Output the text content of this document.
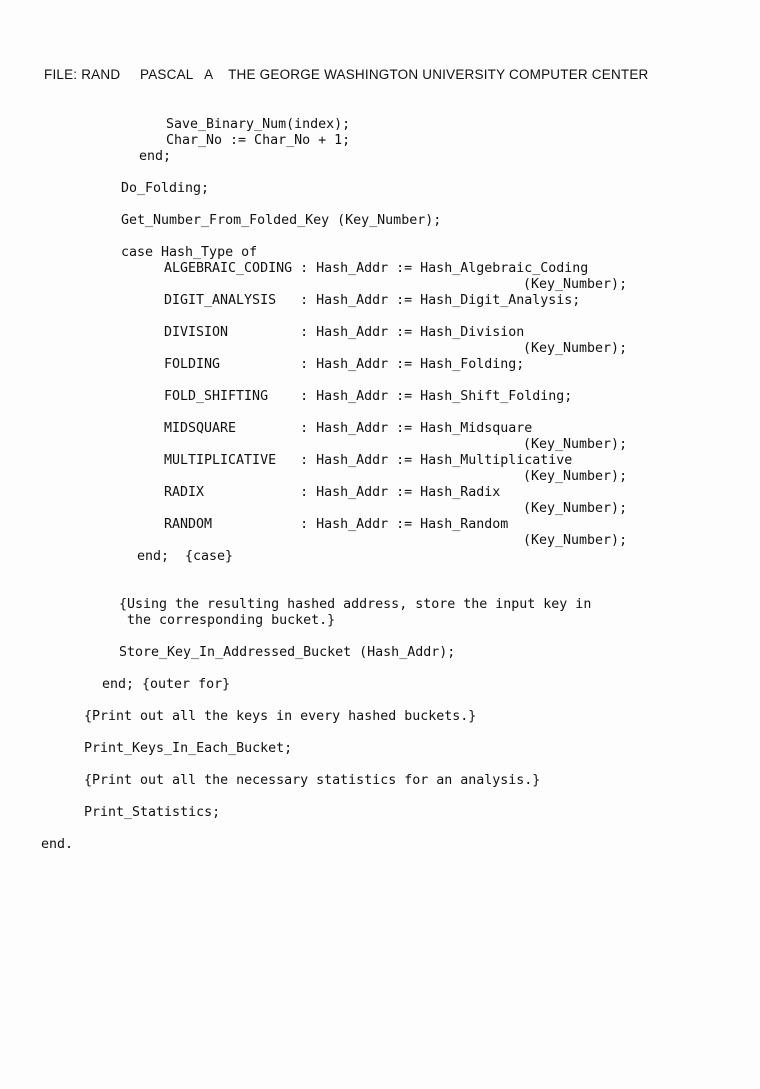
FILE: RAND     PASCAL   A    THE GEORGE WASHINGTON UNIVERSITY COMPUTER CENTER
Save_Binary_Num(index);
Char_No := Char_No + 1;
end;
Do_Folding;
Get_Number_From_Folded_Key (Key_Number);
case Hash_Type of
ALGEBRAIC_CODING : Hash_Addr := Hash_Algebraic_Coding
(Key_Number);
DIGIT_ANALYSIS   : Hash_Addr := Hash_Digit_Analysis;
DIVISION         : Hash_Addr := Hash_Division
(Key_Number);
FOLDING          : Hash_Addr := Hash_Folding;
FOLD_SHIFTING    : Hash_Addr := Hash_Shift_Folding;
MIDSQUARE        : Hash_Addr := Hash_Midsquare
(Key_Number);
MULTIPLICATIVE   : Hash_Addr := Hash_Multiplicative
(Key_Number);
RADIX            : Hash_Addr := Hash_Radix
(Key_Number);
RANDOM           : Hash_Addr := Hash_Random
(Key_Number);
end;  {case}
{Using the resulting hashed address, store the input key in
the corresponding bucket.}
Store_Key_In_Addressed_Bucket (Hash_Addr);
end; {outer for}
{Print out all the keys in every hashed buckets.}
Print_Keys_In_Each_Bucket;
{Print out all the necessary statistics for an analysis.}
Print_Statistics;
end.
